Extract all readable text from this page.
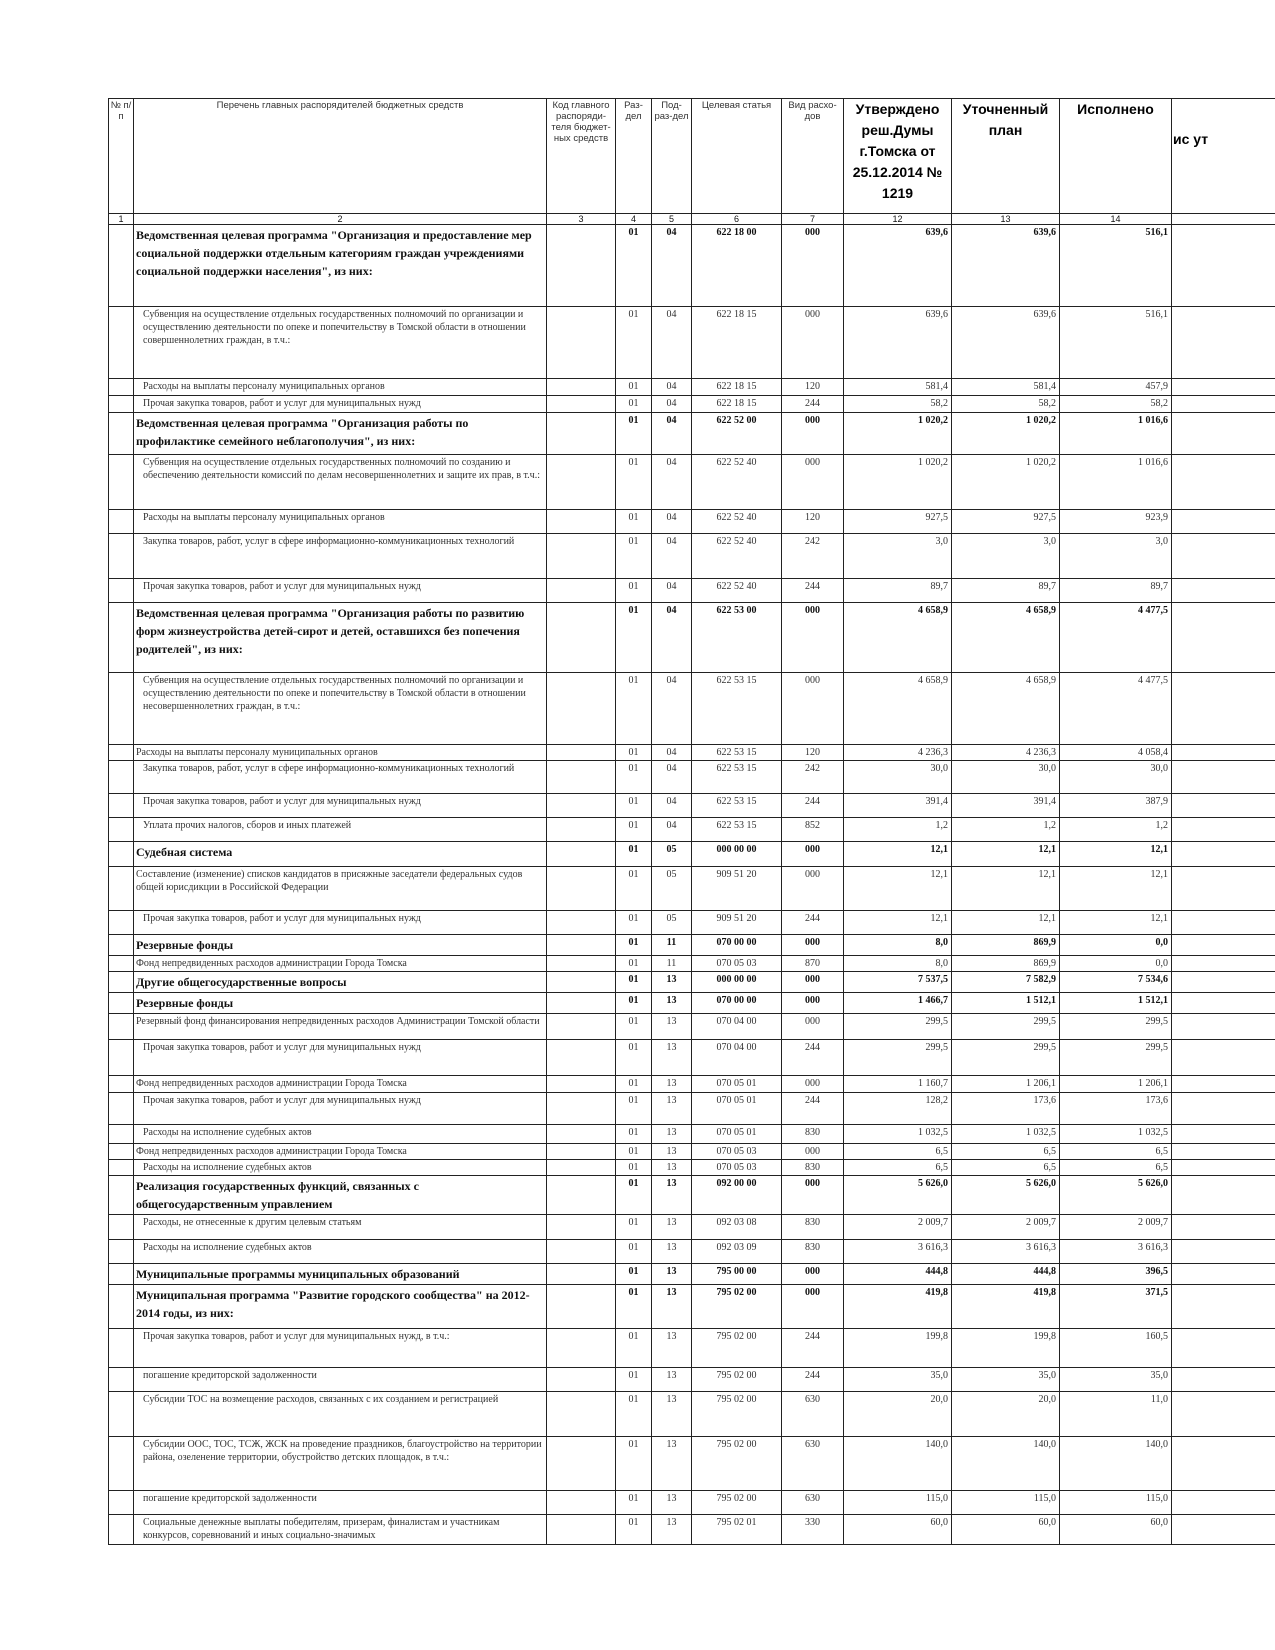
№ п/п	Перечень главных распорядителей бюджетных средств	Код главного распоряди-теля бюджет-ных средств	Раз-дел	Под-раз-дел	Целевая статья	Вид расхо-дов	Утверждено реш.Думы г.Томска от 25.12.2014 № 1219	Уточненный план	Исполнено	ис ут
1	2	3	4	5	6	7	12	13	14	
	Ведомственная целевая программа "Организация и предоставление мер социальной поддержки отдельным категориям граждан учреждениями социальной поддержки населения", из них:		01	04	622 18 00	000	639,6	639,6	516,1	
	Субвенция на осуществление отдельных государственных полномочий по организации и осуществлению деятельности по опеке и попечительству в Томской области в отношении совершеннолетних граждан, в т.ч.:		01	04	622 18 15	000	639,6	639,6	516,1	
	Расходы на выплаты персоналу муниципальных органов		01	04	622 18 15	120	581,4	581,4	457,9	
	Прочая закупка товаров, работ и услуг для муниципальных нужд		01	04	622 18 15	244	58,2	58,2	58,2	
	Ведомственная целевая программа "Организация работы по профилактике семейного неблагополучия", из них:		01	04	622 52 00	000	1 020,2	1 020,2	1 016,6	
	Субвенция на осуществление отдельных государственных полномочий по созданию и обеспечению деятельности комиссий по делам несовершеннолетних и защите их прав, в т.ч.:		01	04	622 52 40	000	1 020,2	1 020,2	1 016,6	
	Расходы на выплаты персоналу муниципальных органов		01	04	622 52 40	120	927,5	927,5	923,9	
	Закупка товаров, работ, услуг в сфере информационно-коммуникационных технологий		01	04	622 52 40	242	3,0	3,0	3,0	
	Прочая закупка товаров, работ и услуг для муниципальных нужд		01	04	622 52 40	244	89,7	89,7	89,7	
	Ведомственная целевая программа "Организация работы по развитию форм жизнеустройства детей-сирот и детей, оставшихся без попечения родителей", из них:		01	04	622 53 00	000	4 658,9	4 658,9	4 477,5	
	Субвенция на осуществление отдельных государственных полномочий по организации и осуществлению деятельности по опеке и попечительству в Томской области в отношении несовершеннолетних граждан, в т.ч.:		01	04	622 53 15	000	4 658,9	4 658,9	4 477,5	
	Расходы на выплаты персоналу муниципальных органов		01	04	622 53 15	120	4 236,3	4 236,3	4 058,4	
	Закупка товаров, работ, услуг в сфере информационно-коммуникационных технологий		01	04	622 53 15	242	30,0	30,0	30,0	
	Прочая закупка товаров, работ и услуг для муниципальных нужд		01	04	622 53 15	244	391,4	391,4	387,9	
	Уплата прочих налогов, сборов и иных платежей		01	04	622 53 15	852	1,2	1,2	1,2	
	Судебная система		01	05	000 00 00	000	12,1	12,1	12,1	
	Составление (изменение) списков кандидатов в присяжные заседатели федеральных судов общей юрисдикции в Российской Федерации		01	05	909 51 20	000	12,1	12,1	12,1	
	Прочая закупка товаров, работ и услуг для муниципальных нужд		01	05	909 51 20	244	12,1	12,1	12,1	
	Резервные фонды		01	11	070 00 00	000	8,0	869,9	0,0	
	Фонд непредвиденных расходов администрации Города Томска		01	11	070 05 03	870	8,0	869,9	0,0	
	Другие общегосударственные вопросы		01	13	000 00 00	000	7 537,5	7 582,9	7 534,6	
	Резервные фонды		01	13	070 00 00	000	1 466,7	1 512,1	1 512,1	
	Резервный фонд финансирования непредвиденных расходов Администрации Томской области		01	13	070 04 00	000	299,5	299,5	299,5	
	Прочая закупка товаров, работ и услуг для муниципальных нужд		01	13	070 04 00	244	299,5	299,5	299,5	
	Фонд непредвиденных расходов администрации Города Томска		01	13	070 05 01	000	1 160,7	1 206,1	1 206,1	
	Прочая закупка товаров, работ и услуг для муниципальных нужд		01	13	070 05 01	244	128,2	173,6	173,6	
	Расходы на исполнение судебных актов		01	13	070 05 01	830	1 032,5	1 032,5	1 032,5	
	Фонд непредвиденных расходов администрации Города Томска		01	13	070 05 03	000	6,5	6,5	6,5	
	Расходы на исполнение судебных актов		01	13	070 05 03	830	6,5	6,5	6,5	
	Реализация государственных функций, связанных с общегосударственным управлением		01	13	092 00 00	000	5 626,0	5 626,0	5 626,0	
	Расходы, не отнесенные к другим целевым статьям		01	13	092 03 08	830	2 009,7	2 009,7	2 009,7	
	Расходы на исполнение судебных актов		01	13	092 03 09	830	3 616,3	3 616,3	3 616,3	
	Муниципальные программы муниципальных образований		01	13	795 00 00	000	444,8	444,8	396,5	
	Муниципальная программа "Развитие городского сообщества" на 2012-2014 годы, из них:		01	13	795 02 00	000	419,8	419,8	371,5	
	Прочая закупка товаров, работ и услуг для муниципальных нужд, в т.ч.:		01	13	795 02 00	244	199,8	199,8	160,5	
	погашение кредиторской задолженности		01	13	795 02 00	244	35,0	35,0	35,0	
	Субсидии ТОС на возмещение расходов, связанных с их созданием и регистрацией		01	13	795 02 00	630	20,0	20,0	11,0	
	Субсидии ООС, ТОС, ТСЖ, ЖСК на проведение праздников, благоустройство на территории района, озеленение территории, обустройство детских площадок, в т.ч.:		01	13	795 02 00	630	140,0	140,0	140,0	
	погашение кредиторской задолженности		01	13	795 02 00	630	115,0	115,0	115,0	
	Социальные денежные выплаты победителям, призерам, финалистам и участникам конкурсов, соревнований и иных социально-значимых		01	13	795 02 01	330	60,0	60,0	60,0	
